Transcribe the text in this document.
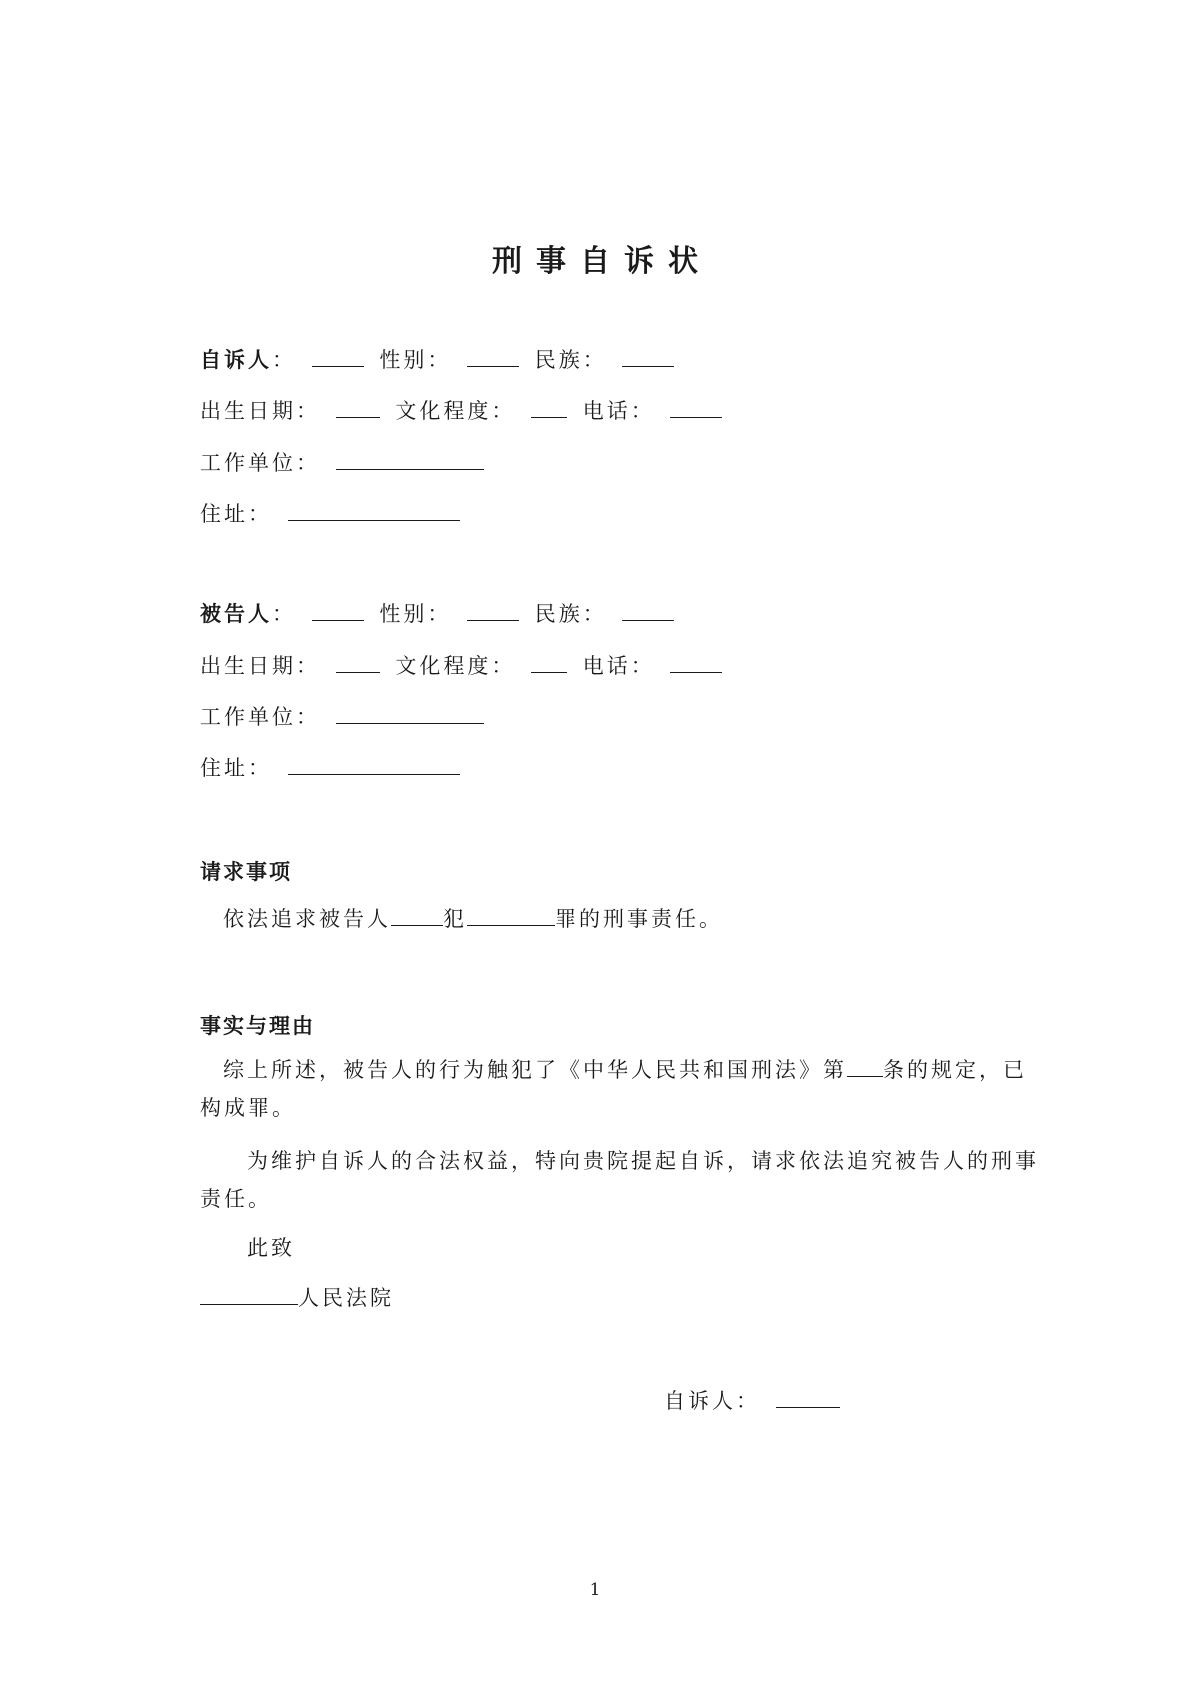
刑事自诉状
自诉人：	性别：	民族：
出生日期：	文化程度：	电话：
工作单位：
住址：
被告人：	性别：	民族：
出生日期：	文化程度：	电话：
工作单位：
住址：
请求事项
依法追求被告人 犯	罪的刑事责任。
事实与理由
综上所述，被告人的行为触犯了《中华人民共和国刑法》第 条的规定，已构成罪。
为维护自诉人的合法权益，特向贵院提起自诉，请求依法追究被告人的刑事责任。
此致
人民法院
自诉人：
1
